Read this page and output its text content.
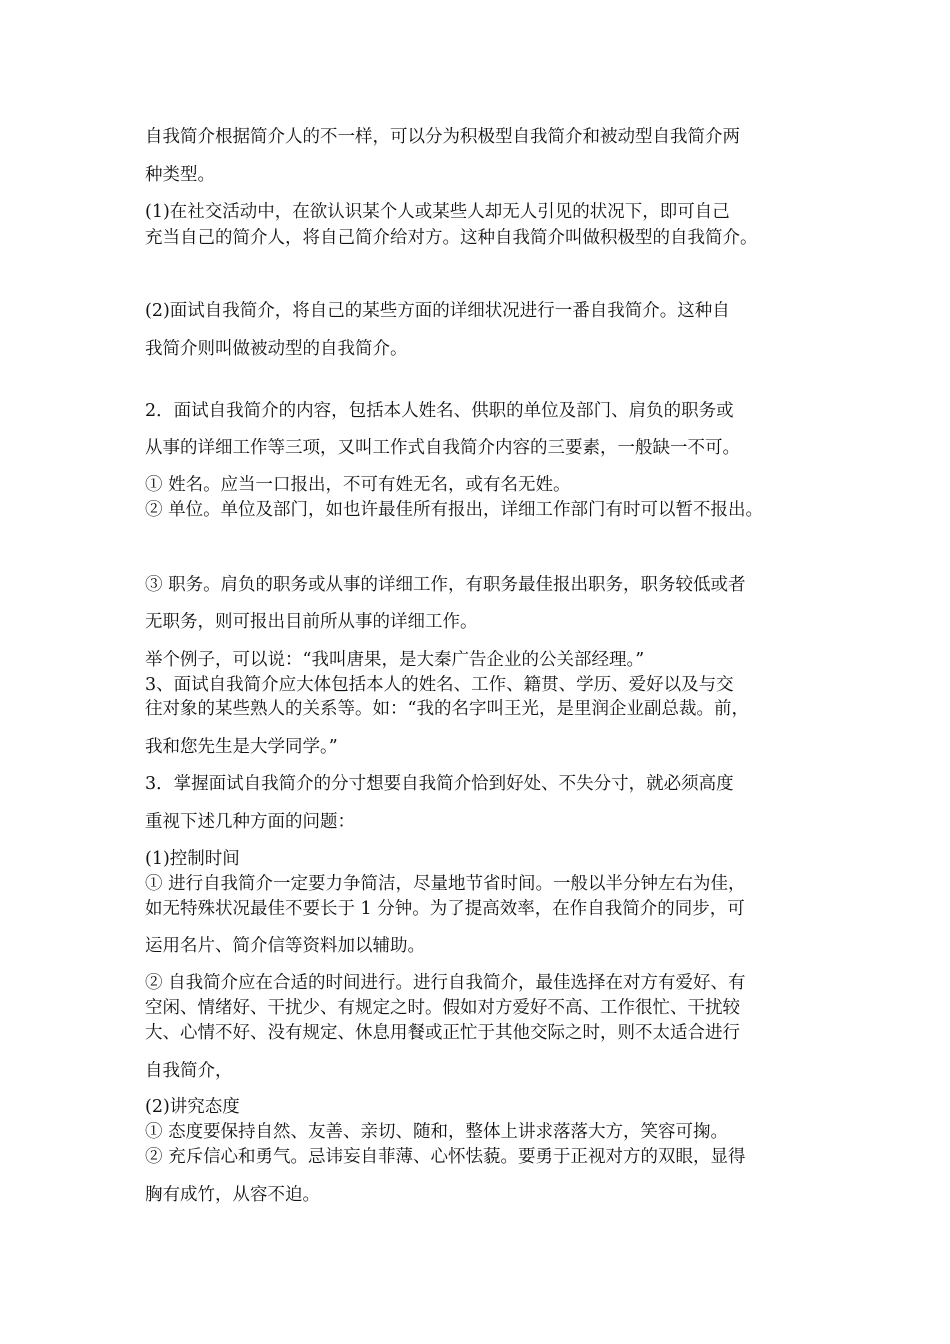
自我简介根据简介人的不一样，可以分为积极型自我简介和被动型自我简介两
种类型。
(1)在社交活动中，在欲认识某个人或某些人却无人引见的状况下，即可自己
充当自己的简介人，将自己简介给对方。这种自我简介叫做积极型的自我简介。
(2)面试自我简介，将自己的某些方面的详细状况进行一番自我简介。这种自
我简介则叫做被动型的自我简介。
2．面试自我简介的内容，包括本人姓名、供职的单位及部门、肩负的职务或
从事的详细工作等三项，又叫工作式自我简介内容的三要素，一般缺一不可。
① 姓名。应当一口报出，不可有姓无名，或有名无姓。
② 单位。单位及部门，如也许最佳所有报出，详细工作部门有时可以暂不报出。
③ 职务。肩负的职务或从事的详细工作，有职务最佳报出职务，职务较低或者
无职务，则可报出目前所从事的详细工作。
举个例子，可以说：“我叫唐果，是大秦广告企业的公关部经理。”
3、面试自我简介应大体包括本人的姓名、工作、籍贯、学历、爱好以及与交
往对象的某些熟人的关系等。如：“我的名字叫王光，是里润企业副总裁。前，
我和您先生是大学同学。”
3．掌握面试自我简介的分寸想要自我简介恰到好处、不失分寸，就必须高度
重视下述几种方面的问题：
(1)控制时间
① 进行自我简介一定要力争简洁，尽量地节省时间。一般以半分钟左右为佳，
如无特殊状况最佳不要长于 1 分钟。为了提高效率，在作自我简介的同步，可
运用名片、简介信等资料加以辅助。
② 自我简介应在合适的时间进行。进行自我简介，最佳选择在对方有爱好、有
空闲、情绪好、干扰少、有规定之时。假如对方爱好不高、工作很忙、干扰较
大、心情不好、没有规定、休息用餐或正忙于其他交际之时，则不太适合进行
自我简介，
(2)讲究态度
① 态度要保持自然、友善、亲切、随和，整体上讲求落落大方，笑容可掬。
② 充斥信心和勇气。忌讳妄自菲薄、心怀怯藐。要勇于正视对方的双眼，显得
胸有成竹，从容不迫。
